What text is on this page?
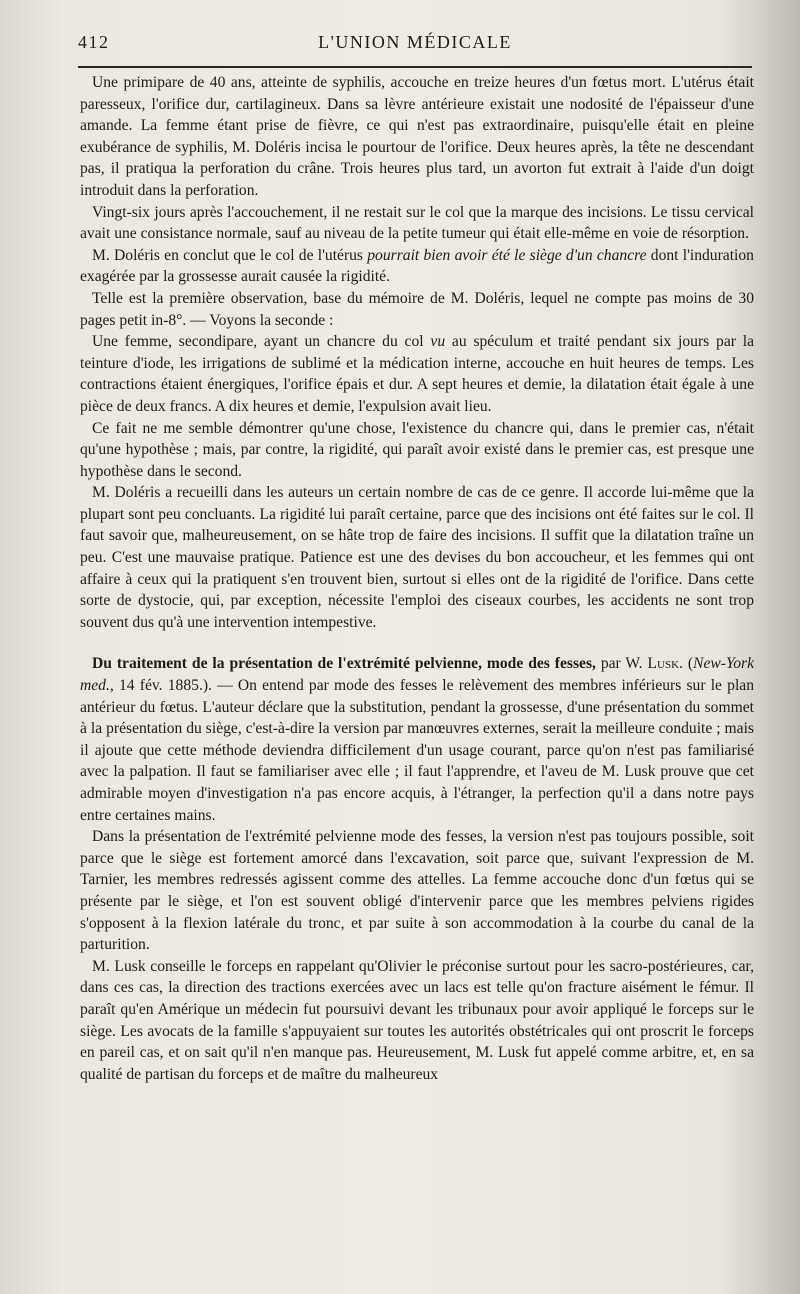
412	L'UNION MÉDICALE

Une primipare de 40 ans, atteinte de syphilis, accouche en treize heures d'un fœtus mort. L'utérus était paresseux, l'orifice dur, cartilagineux. Dans sa lèvre antérieure existait une nodosité de l'épaisseur d'une amande. La femme étant prise de fièvre, ce qui n'est pas extraordinaire, puisqu'elle était en pleine exubérance de syphilis, M. Doléris incisa le pourtour de l'orifice. Deux heures après, la tête ne descendant pas, il pratiqua la perforation du crâne. Trois heures plus tard, un avorton fut extrait à l'aide d'un doigt introduit dans la perforation.

Vingt-six jours après l'accouchement, il ne restait sur le col que la marque des incisions. Le tissu cervical avait une consistance normale, sauf au niveau de la petite tumeur qui était elle-même en voie de résorption.

M. Doléris en conclut que le col de l'utérus pourrait bien avoir été le siège d'un chancre dont l'induration exagérée par la grossesse aurait causée la rigidité.

Telle est la première observation, base du mémoire de M. Doléris, lequel ne compte pas moins de 30 pages petit in-8°. — Voyons la seconde :

Une femme, secondipare, ayant un chancre du col vu au spéculum et traité pendant six jours par la teinture d'iode, les irrigations de sublimé et la médication interne, accouche en huit heures de temps. Les contractions étaient énergiques, l'orifice épais et dur. A sept heures et demie, la dilatation était égale à une pièce de deux francs. A dix heures et demie, l'expulsion avait lieu.

Ce fait ne me semble démontrer qu'une chose, l'existence du chancre qui, dans le premier cas, n'était qu'une hypothèse ; mais, par contre, la rigidité, qui paraît avoir existé dans le premier cas, est presque une hypothèse dans le second.

M. Doléris a recueilli dans les auteurs un certain nombre de cas de ce genre. Il accorde lui-même que la plupart sont peu concluants. La rigidité lui paraît certaine, parce que des incisions ont été faites sur le col. Il faut savoir que, malheureusement, on se hâte trop de faire des incisions. Il suffit que la dilatation traîne un peu. C'est une mauvaise pratique. Patience est une des devises du bon accoucheur, et les femmes qui ont affaire à ceux qui la pratiquent s'en trouvent bien, surtout si elles ont de la rigidité de l'orifice. Dans cette sorte de dystocie, qui, par exception, nécessite l'emploi des ciseaux courbes, les accidents ne sont trop souvent dus qu'à une intervention intempestive.

Du traitement de la présentation de l'extrémité pelvienne, mode des fesses, par W. Lusk. (New-York med., 14 fév. 1885.). — On entend par mode des fesses le relèvement des membres inférieurs sur le plan antérieur du fœtus. L'auteur déclare que la substitution, pendant la grossesse, d'une présentation du sommet à la présentation du siège, c'est-à-dire la version par manœuvres externes, serait la meilleure conduite ; mais il ajoute que cette méthode deviendra difficilement d'un usage courant, parce qu'on n'est pas familiarisé avec la palpation. Il faut se familiariser avec elle ; il faut l'apprendre, et l'aveu de M. Lusk prouve que cet admirable moyen d'investigation n'a pas encore acquis, à l'étranger, la perfection qu'il a dans notre pays entre certaines mains.

Dans la présentation de l'extrémité pelvienne mode des fesses, la version n'est pas toujours possible, soit parce que le siège est fortement amorcé dans l'excavation, soit parce que, suivant l'expression de M. Tarnier, les membres redressés agissent comme des attelles. La femme accouche donc d'un fœtus qui se présente par le siège, et l'on est souvent obligé d'intervenir parce que les membres pelviens rigides s'opposent à la flexion latérale du tronc, et par suite à son accommodation à la courbe du canal de la parturition.

M. Lusk conseille le forceps en rappelant qu'Olivier le préconise surtout pour les sacro-postérieures, car, dans ces cas, la direction des tractions exercées avec un lacs est telle qu'on fracture aisément le fémur. Il paraît qu'en Amérique un médecin fut poursuivi devant les tribunaux pour avoir appliqué le forceps sur le siège. Les avocats de la famille s'appuyaient sur toutes les autorités obstétricales qui ont proscrit le forceps en pareil cas, et on sait qu'il n'en manque pas. Heureusement, M. Lusk fut appelé comme arbitre, et, en sa qualité de partisan du forceps et de maître du malheureux
